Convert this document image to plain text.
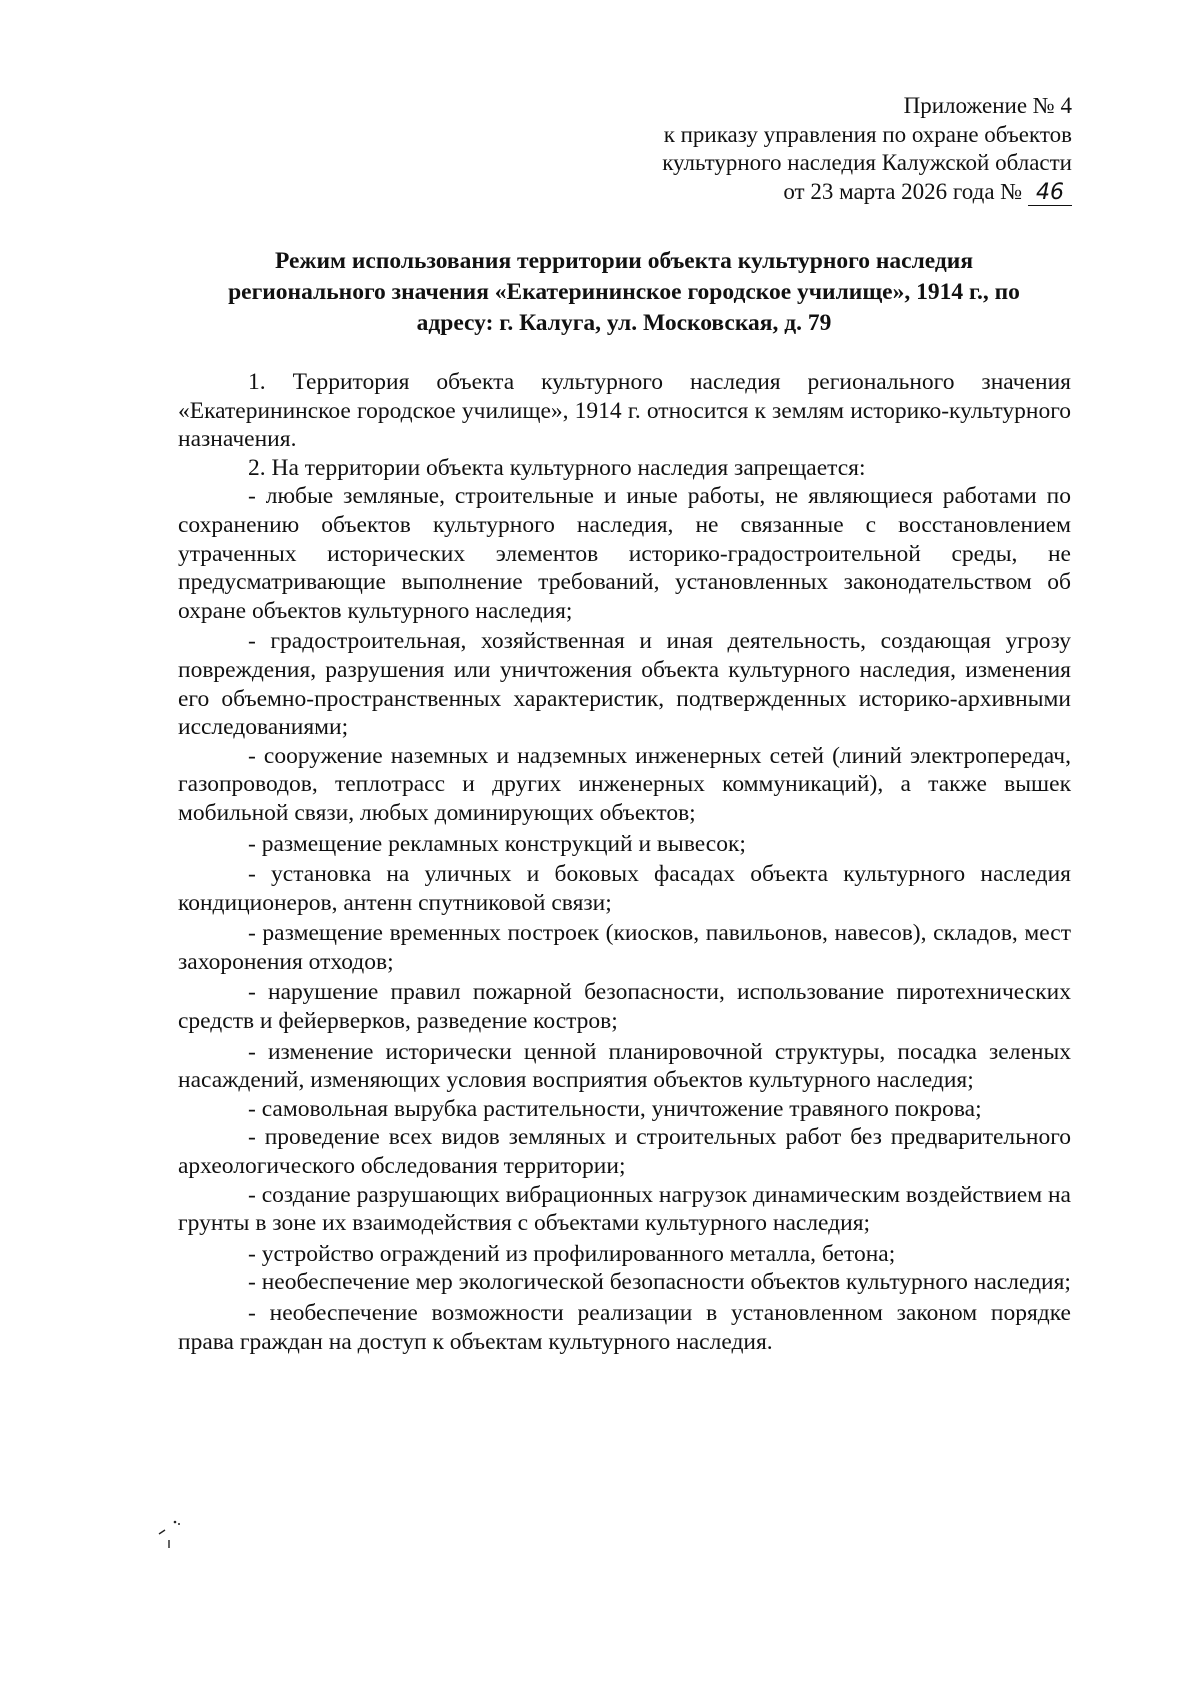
Приложение № 4
к приказу управления по охране объектов
культурного наследия Калужской области
от 23 марта 2026 года № 46
Режим использования территории объекта культурного наследия
регионального значения «Екатерининское городское училище», 1914 г., по
адресу: г. Калуга, ул. Московская, д. 79

1. Территория объекта культурного наследия регионального значения «Екатерининское городское училище», 1914 г. относится к землям историко-культурного назначения.

2. На территории объекта культурного наследия запрещается:

- любые земляные, строительные и иные работы, не являющиеся работами по сохранению объектов культурного наследия, не связанные с восстановлением утраченных исторических элементов историко-градостроительной среды, не предусматривающие выполнение требований, установленных законодательством об охране объектов культурного наследия;

- градостроительная, хозяйственная и иная деятельность, создающая угрозу повреждения, разрушения или уничтожения объекта культурного наследия, изменения его объемно-пространственных характеристик, подтвержденных историко-архивными исследованиями;

- сооружение наземных и надземных инженерных сетей (линий электропередач, газопроводов, теплотрасс и других инженерных коммуникаций), а также вышек мобильной связи, любых доминирующих объектов;

- размещение рекламных конструкций и вывесок;

- установка на уличных и боковых фасадах объекта культурного наследия кондиционеров, антенн спутниковой связи;

- размещение временных построек (киосков, павильонов, навесов), складов, мест захоронения отходов;

- нарушение правил пожарной безопасности, использование пиротехнических средств и фейерверков, разведение костров;

- изменение исторически ценной планировочной структуры, посадка зеленых насаждений, изменяющих условия восприятия объектов культурного наследия;

- самовольная вырубка растительности, уничтожение травяного покрова;

- проведение всех видов земляных и строительных работ без предварительного археологического обследования территории;

- создание разрушающих вибрационных нагрузок динамическим воздействием на грунты в зоне их взаимодействия с объектами культурного наследия;

- устройство ограждений из профилированного металла, бетона;

- необеспечение мер экологической безопасности объектов культурного наследия;

- необеспечение возможности реализации в установленном законом порядке права граждан на доступ к объектам культурного наследия.
